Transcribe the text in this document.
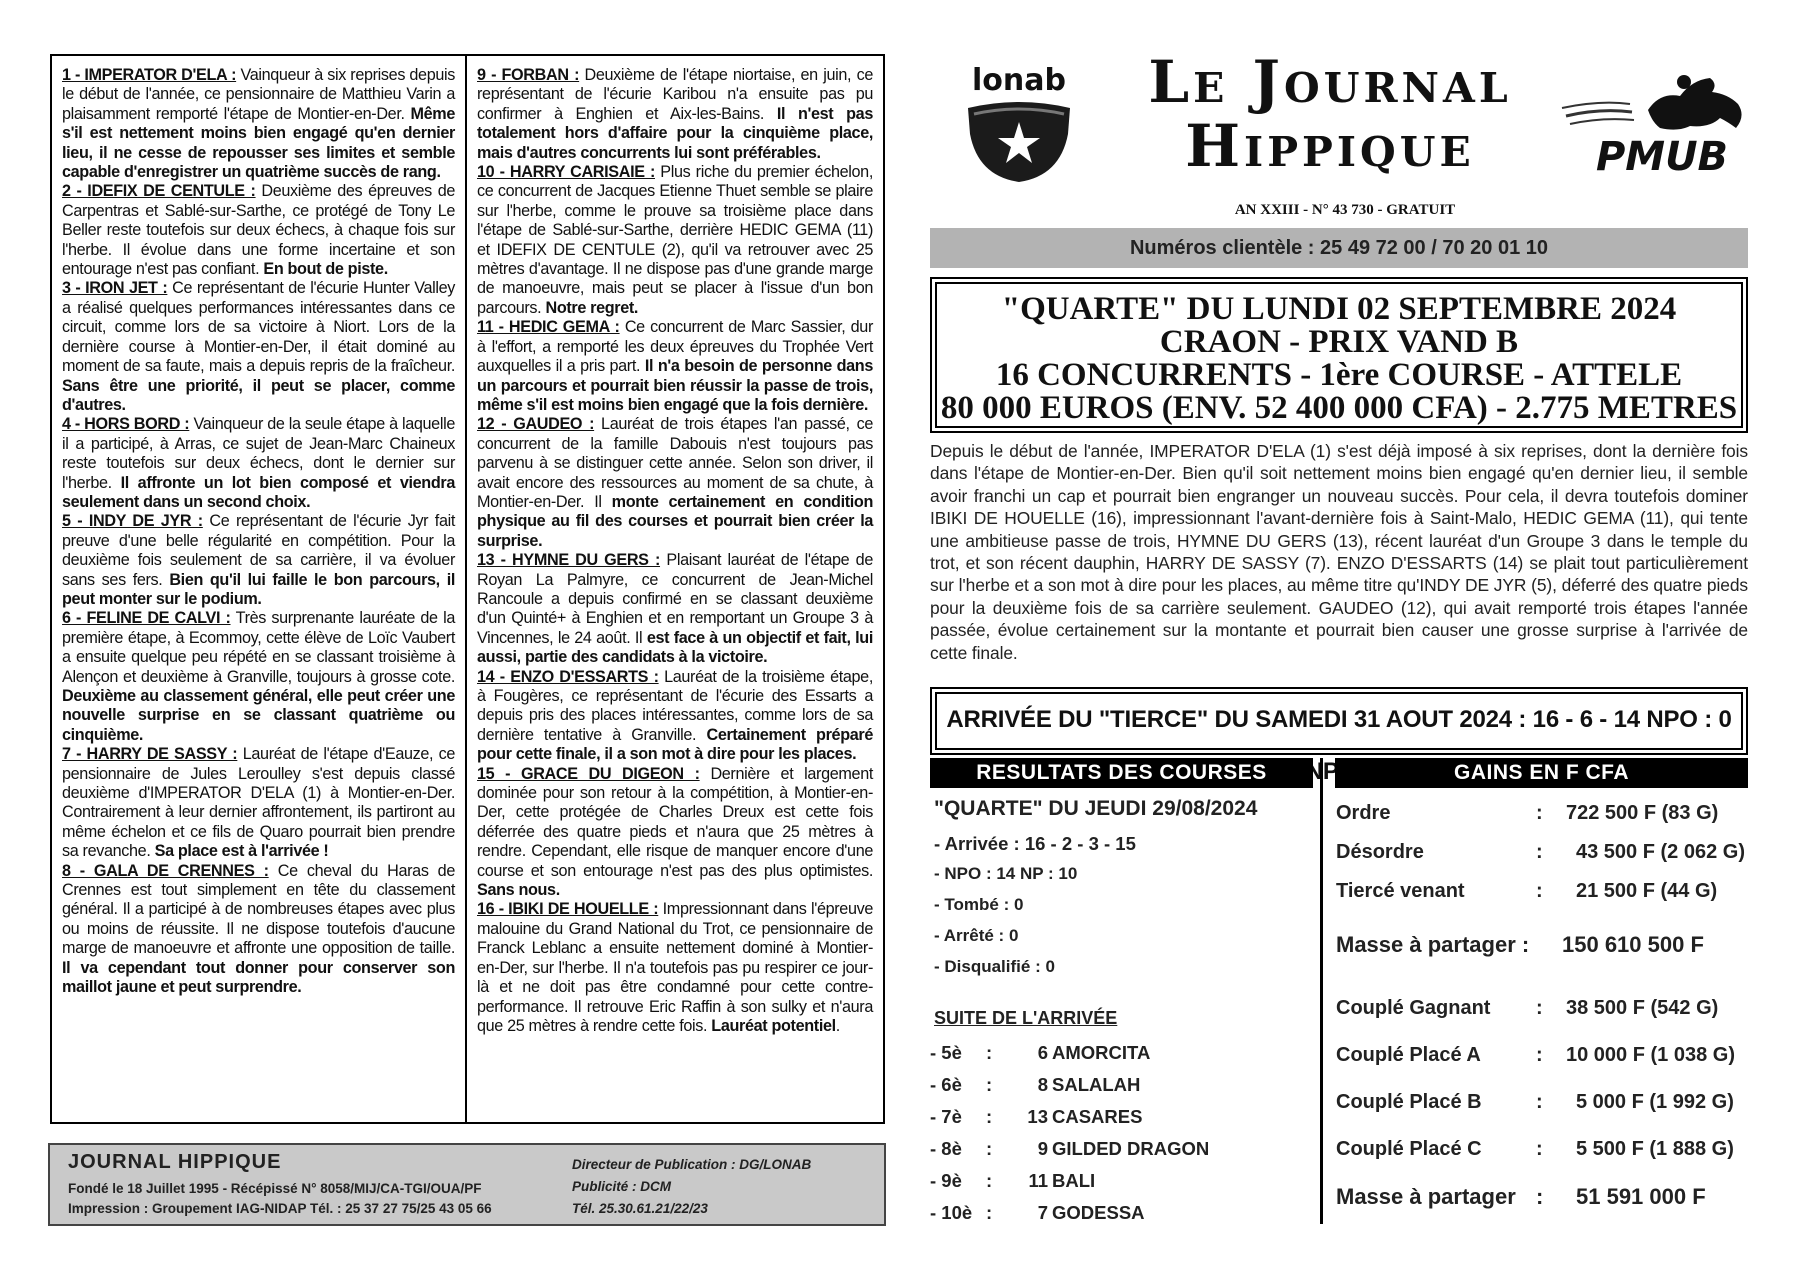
1 - IMPERATOR D'ELA : Vainqueur à six reprises depuis le début de l'année, ce pensionnaire de Matthieu Varin a plaisamment remporté l'étape de Montier-en-Der. Même s'il est nettement moins bien engagé qu'en dernier lieu, il ne cesse de repousser ses limites et semble capable d'enregistrer un quatrième succès de rang.

2 - IDEFIX DE CENTULE : Deuxième des épreuves de Carpentras et Sablé-sur-Sarthe, ce protégé de Tony Le Beller reste toutefois sur deux échecs, à chaque fois sur l'herbe. Il évolue dans une forme incertaine et son entourage n'est pas confiant. En bout de piste.

3 - IRON JET : Ce représentant de l'écurie Hunter Valley a réalisé quelques performances intéressantes dans ce circuit, comme lors de sa victoire à Niort. Lors de la dernière course à Montier-en-Der, il était dominé au moment de sa faute, mais a depuis repris de la fraîcheur. Sans être une priorité, il peut se placer, comme d'autres.

4 - HORS BORD : Vainqueur de la seule étape à laquelle il a participé, à Arras, ce sujet de Jean-Marc Chaineux reste toutefois sur deux échecs, dont le dernier sur l'herbe. Il affronte un lot bien composé et viendra seulement dans un second choix.

5 - INDY DE JYR : Ce représentant de l'écurie Jyr fait preuve d'une belle régularité en compétition. Pour la deuxième fois seulement de sa carrière, il va évoluer sans ses fers. Bien qu'il lui faille le bon parcours, il peut monter sur le podium.

6 - FELINE DE CALVI : Très surprenante lauréate de la première étape, à Ecommoy, cette élève de Loïc Vaubert a ensuite quelque peu répété en se classant troisième à Alençon et deuxième à Granville, toujours à grosse cote. Deuxième au classement général, elle peut créer une nouvelle surprise en se classant quatrième ou cinquième.

7 - HARRY DE SASSY : Lauréat de l'étape d'Eauze, ce pensionnaire de Jules Leroulley s'est depuis classé deuxième d'IMPERATOR D'ELA (1) à Montier-en-Der. Contrairement à leur dernier affrontement, ils partiront au même échelon et ce fils de Quaro pourrait bien prendre sa revanche. Sa place est à l'arrivée !

8 - GALA DE CRENNES : Ce cheval du Haras de Crennes est tout simplement en tête du classement général. Il a participé à de nombreuses étapes avec plus ou moins de réussite. Il ne dispose toutefois d'aucune marge de manoeuvre et affronte une opposition de taille. Il va cependant tout donner pour conserver son maillot jaune et peut surprendre.

9 - FORBAN : Deuxième de l'étape niortaise, en juin, ce représentant de l'écurie Karibou n'a ensuite pas pu confirmer à Enghien et Aix-les-Bains. Il n'est pas totalement hors d'affaire pour la cinquième place, mais d'autres concurrents lui sont préférables.

10 - HARRY CARISAIE : Plus riche du premier échelon, ce concurrent de Jacques Etienne Thuet semble se plaire sur l'herbe, comme le prouve sa troisième place dans l'étape de Sablé-sur-Sarthe, derrière HEDIC GEMA (11) et IDEFIX DE CENTULE (2), qu'il va retrouver avec 25 mètres d'avantage. Il ne dispose pas d'une grande marge de manoeuvre, mais peut se placer à l'issue d'un bon parcours. Notre regret.

11 - HEDIC GEMA : Ce concurrent de Marc Sassier, dur à l'effort, a remporté les deux épreuves du Trophée Vert auxquelles il a pris part. Il n'a besoin de personne dans un parcours et pourrait bien réussir la passe de trois, même s'il est moins bien engagé que la fois dernière.

12 - GAUDEO : Lauréat de trois étapes l'an passé, ce concurrent de la famille Dabouis n'est toujours pas parvenu à se distinguer cette année. Selon son driver, il avait encore des ressources au moment de sa chute, à Montier-en-Der. Il monte certainement en condition physique au fil des courses et pourrait bien créer la surprise.

13 - HYMNE DU GERS : Plaisant lauréat de l'étape de Royan La Palmyre, ce concurrent de Jean-Michel Rancoule a depuis confirmé en se classant deuxième d'un Quinté+ à Enghien et en remportant un Groupe 3 à Vincennes, le 24 août. Il est face à un objectif et fait, lui aussi, partie des candidats à la victoire.

14 - ENZO D'ESSARTS : Lauréat de la troisième étape, à Fougères, ce représentant de l'écurie des Essarts a depuis pris des places intéressantes, comme lors de sa dernière tentative à Granville. Certainement préparé pour cette finale, il a son mot à dire pour les places.

15 - GRACE DU DIGEON : Dernière et largement dominée pour son retour à la compétition, à Montier-en-Der, cette protégée de Charles Dreux est cette fois déferrée des quatre pieds et n'aura que 25 mètres à rendre. Cependant, elle risque de manquer encore d'une course et son entourage n'est pas des plus optimistes. Sans nous.

16 - IBIKI DE HOUELLE : Impressionnant dans l'épreuve malouine du Grand National du Trot, ce pensionnaire de Franck Leblanc a ensuite nettement dominé à Montier-en-Der, sur l'herbe. Il n'a toutefois pas pu respirer ce jour-là et ne doit pas être condamné pour cette contre-performance. Il retrouve Eric Raffin à son sulky et n'aura que 25 mètres à rendre cette fois. Lauréat potentiel.

JOURNAL HIPPIQUE
Fondé le 18 Juillet 1995 - Récépissé N° 8058/MIJ/CA-TGI/OUA/PF
Impression : Groupement IAG-NIDAP Tél. : 25 37 27 75/25 43 05 66
Directeur de Publication : DG/LONAB
Publicité : DCM
Tél. 25.30.61.21/22/23
lonab	Le Journal
Hippique
AN XXIII - N° 43 730 - GRATUIT
PMUB
Numéros clientèle : 25 49 72 00 / 70 20 01 10
"QUARTE" DU LUNDI 02 SEPTEMBRE 2024
CRAON - PRIX VAND B
16 CONCURRENTS - 1ère COURSE - ATTELE
80 000 EUROS (ENV. 52 400 000 CFA) - 2.775 METRES
Depuis le début de l'année, IMPERATOR D'ELA (1) s'est déjà imposé à six reprises, dont la dernière fois dans l'étape de Montier-en-Der. Bien qu'il soit nettement moins bien engagé qu'en dernier lieu, il semble avoir franchi un cap et pourrait bien engranger un nouveau succès. Pour cela, il devra toutefois dominer IBIKI DE HOUELLE (16), impressionnant l'avant-dernière fois à Saint-Malo, HEDIC GEMA (11), qui tente une ambitieuse passe de trois, HYMNE DU GERS (13), récent lauréat d'un Groupe 3 dans le temple du trot, et son récent dauphin, HARRY DE SASSY (7). ENZO D'ESSARTS (14) se plait tout particulièrement sur l'herbe et a son mot à dire pour les places, au même titre qu'INDY DE JYR (5), déferré des quatre pieds pour la deuxième fois de sa carrière seulement. GAUDEO (12), qui avait remporté trois étapes l'année passée, évolue certainement sur la montante et pourrait bien causer une grosse surprise à l'arrivée de cette finale.
ARRIVÉE DU "TIERCE" DU SAMEDI 31 AOUT 2024 : 16 - 6 - 14 NPO : 0
RESULTATS DES COURSES	GAINS EN F CFA
"QUARTE" DU JEUDI 29/08/2024
- Arrivée : 16 - 2 - 3 - 15
- NPO : 14 NP : 10
- Tombé : 0
- Arrêté : 0
- Disqualifié : 0
SUITE DE L'ARRIVÉE
- 5è :	6 AMORCITA
- 6è :	8 SALALAH
- 7è :	13 CASARES
- 8è :	9 GILDED DRAGON
- 9è :	11 BALI
- 10è :	7 GODESSA
Ordre	: 722 500 F (83 G)
Désordre	: 43 500 F (2 062 G)
Tiercé venant	: 21 500 F (44 G)
Masse à partager : 150 610 500 F
Couplé Gagnant : 38 500 F (542 G)
Couplé Placé A	: 10 000 F (1 038 G)
Couplé Placé B	: 5 000 F (1 992 G)
Couplé Placé C	: 5 500 F (1 888 G)
Masse à partager : 51 591 000 F
